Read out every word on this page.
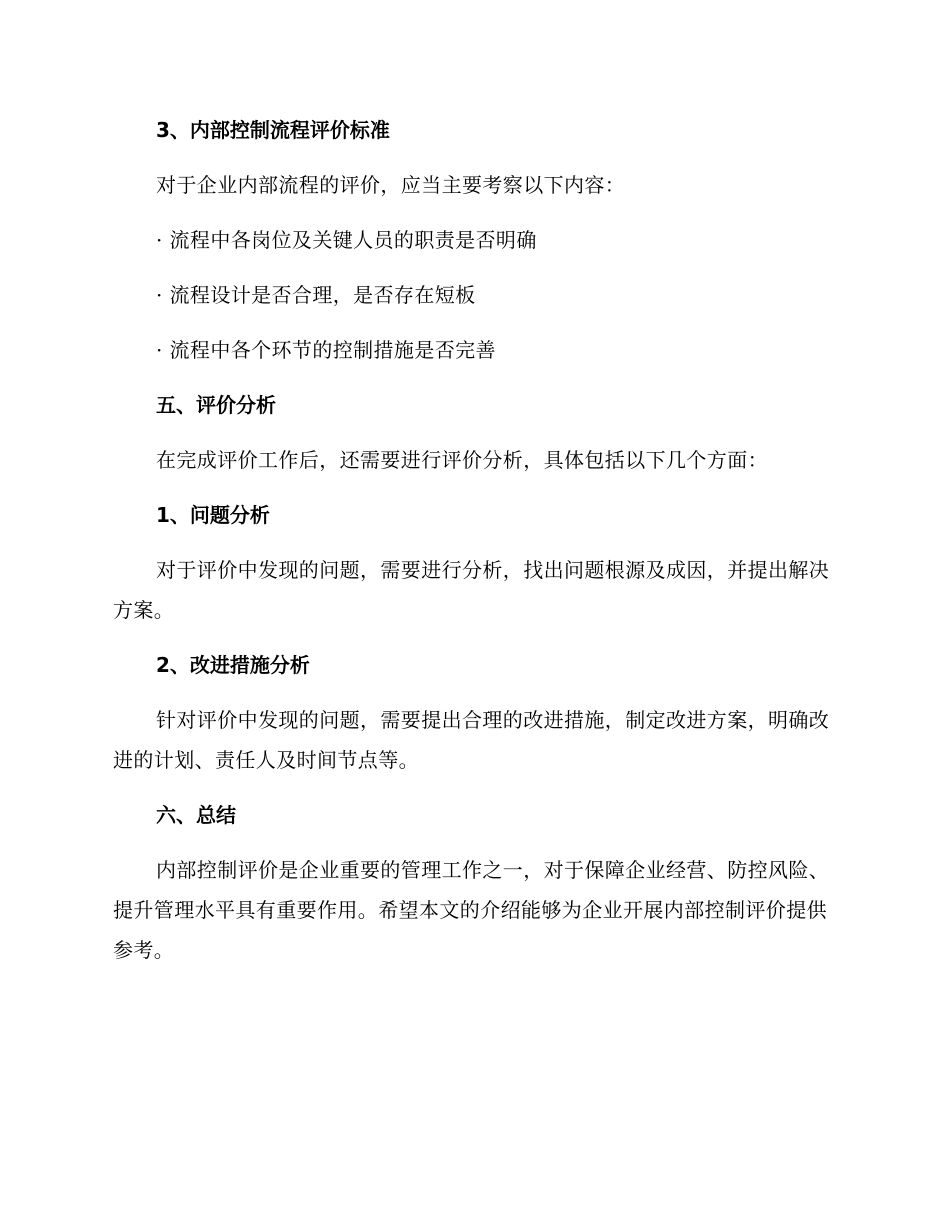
3、内部控制流程评价标准
对于企业内部流程的评价，应当主要考察以下内容：
· 流程中各岗位及关键人员的职责是否明确
· 流程设计是否合理，是否存在短板
· 流程中各个环节的控制措施是否完善
五、评价分析
在完成评价工作后，还需要进行评价分析，具体包括以下几个方面：
1、问题分析

对于评价中发现的问题，需要进行分析，找出问题根源及成因，并提出解决方案。

2、改进措施分析

针对评价中发现的问题，需要提出合理的改进措施，制定改进方案，明确改进的计划、责任人及时间节点等。

六、总结

内部控制评价是企业重要的管理工作之一，对于保障企业经营、防控风险、提升管理水平具有重要作用。希望本文的介绍能够为企业开展内部控制评价提供参考。
